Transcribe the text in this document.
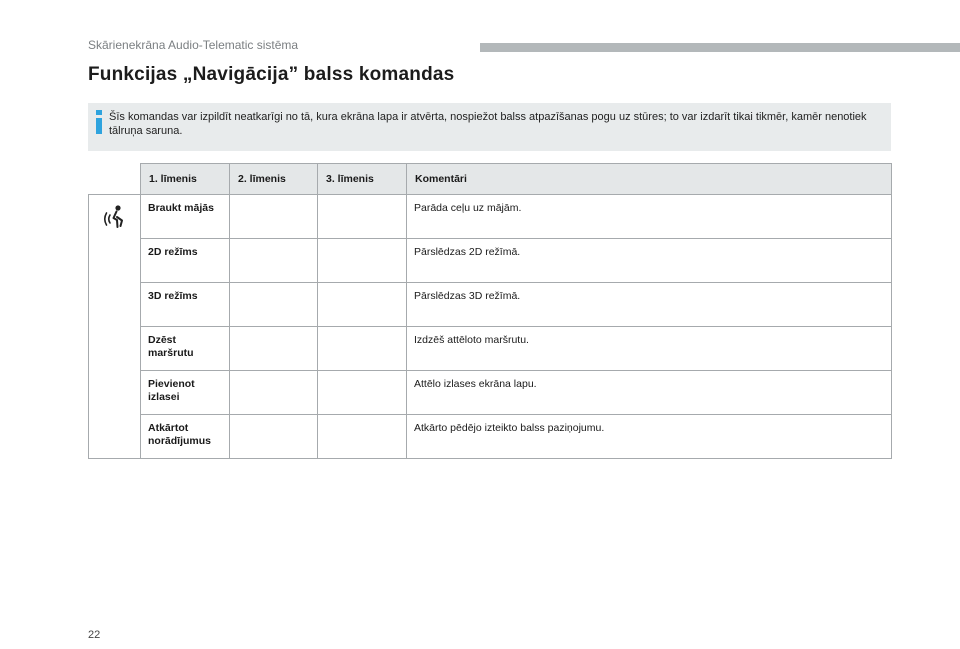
Skārienekrāna Audio-Telematic sistēma
Funkcijas „Navigācija” balss komandas
Šīs komandas var izpildīt neatkarīgi no tā, kura ekrāna lapa ir atvērta, nospiežot balss atpazīšanas pogu uz stūres; to var izdarīt tikai tikmēr, kamēr nenotiek tālruņa saruna.
	1. līmenis	2. līmenis	3. līmenis	Komentāri

	Braukt mājās			Parāda ceļu uz mājām.
	2D režīms			Pārslēdzas 2D režīmā.
	3D režīms			Pārslēdzas 3D režīmā.
	Dzēst maršrutu			Izdzēš attēloto maršrutu.
	Pievienot izlasei			Attēlo izlases ekrāna lapu.
	Atkārtot norādījumus			Atkārto pēdējo izteikto balss paziņojumu.
22
